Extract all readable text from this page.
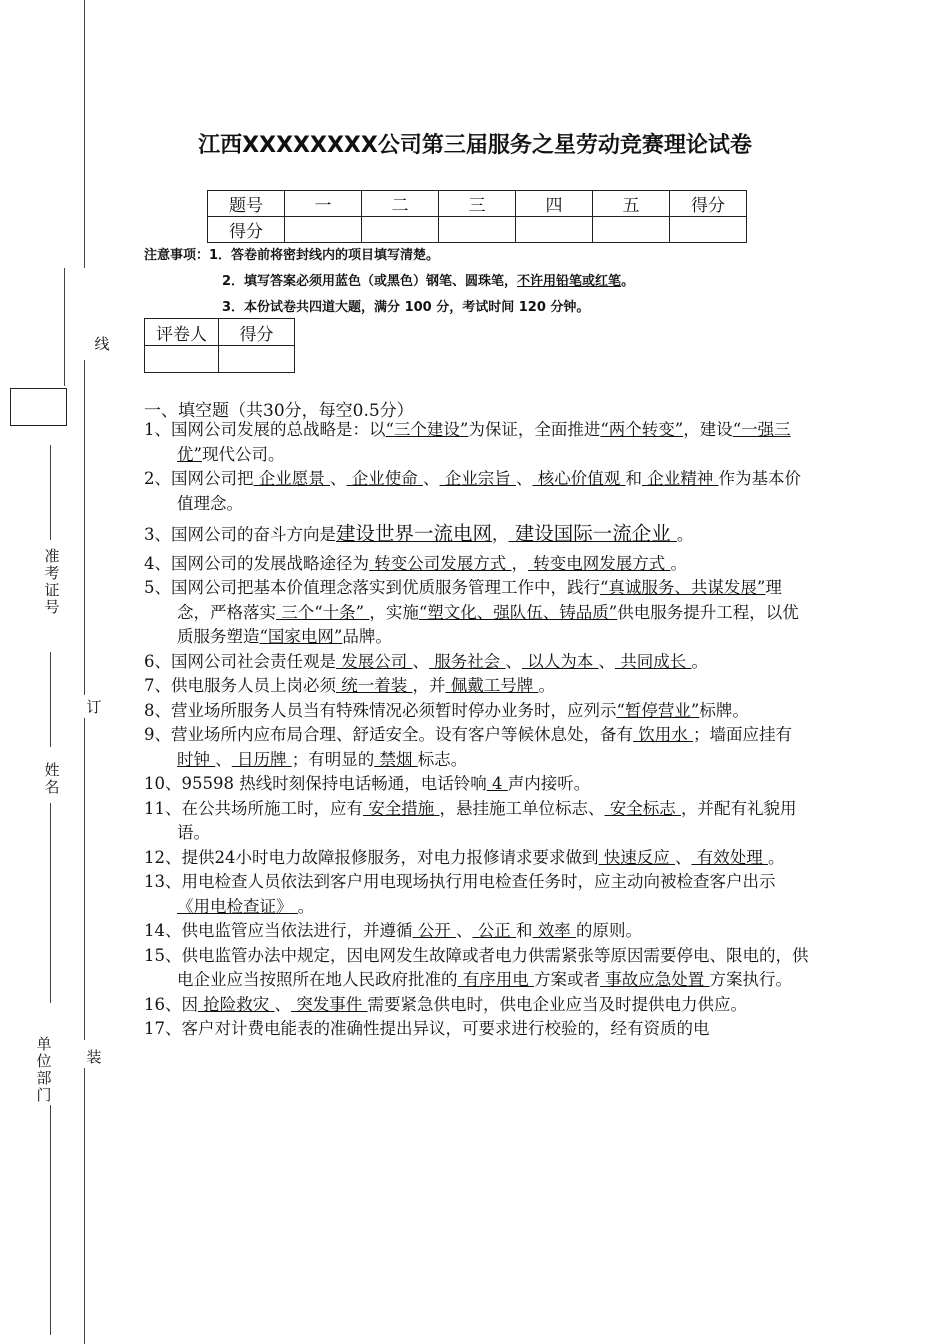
线
订
装
准考证号
姓名
单位部门
江西XXXXXXXX公司第三届服务之星劳动竞赛理论试卷
题号	一	二	三	四	五	得分
得分						
注意事项：1．答卷前将密封线内的项目填写清楚。
2．填写答案必须用蓝色（或黑色）钢笔、圆珠笔，不许用铅笔或红笔。
3．本份试卷共四道大题，满分 100 分，考试时间 120 分钟。
评卷人	得分

一、填空题（共30分，每空0.5分）
1、国网公司发展的总战略是：以“三个建设”为保证，全面推进“两个转变”，建设“一强三优”现代公司。
2、国网公司把 企业愿景 、 企业使命 、 企业宗旨 、 核心价值观 和 企业精神 作为基本价值理念。
3、国网公司的奋斗方向是建设世界一流电网， 建设国际一流企业 。
4、国网公司的发展战略途径为 转变公司发展方式 ， 转变电网发展方式 。
5、国网公司把基本价值理念落实到优质服务管理工作中，践行“真诚服务、共谋发展”理念，严格落实 三个“十条” ，实施“塑文化、强队伍、铸品质”供电服务提升工程，以优质服务塑造“国家电网”品牌。
6、国网公司社会责任观是 发展公司 、 服务社会 、 以人为本 、 共同成长 。
7、供电服务人员上岗必须 统一着装 ，并 佩戴工号牌 。
8、营业场所服务人员当有特殊情况必须暂时停办业务时，应列示“暂停营业”标牌。
9、营业场所内应布局合理、舒适安全。设有客户等候休息处，备有 饮用水 ；墙面应挂有 时钟 、 日历牌 ；有明显的 禁烟 标志。
10、95598 热线时刻保持电话畅通，电话铃响 4 声内接听。
11、在公共场所施工时，应有 安全措施 ，悬挂施工单位标志、 安全标志 ，并配有礼貌用语。
12、提供24小时电力故障报修服务，对电力报修请求要求做到 快速反应 、 有效处理 。
13、用电检查人员依法到客户用电现场执行用电检查任务时，应主动向被检查客户出示 《用电检查证》 。
14、供电监管应当依法进行，并遵循 公开 、 公正 和 效率 的原则。
15、供电监管办法中规定，因电网发生故障或者电力供需紧张等原因需要停电、限电的，供电企业应当按照所在地人民政府批准的 有序用电 方案或者 事故应急处置 方案执行。
16、因 抢险救灾 、 突发事件 需要紧急供电时，供电企业应当及时提供电力供应。
17、客户对计费电能表的准确性提出异议，可要求进行校验的，经有资质的电
